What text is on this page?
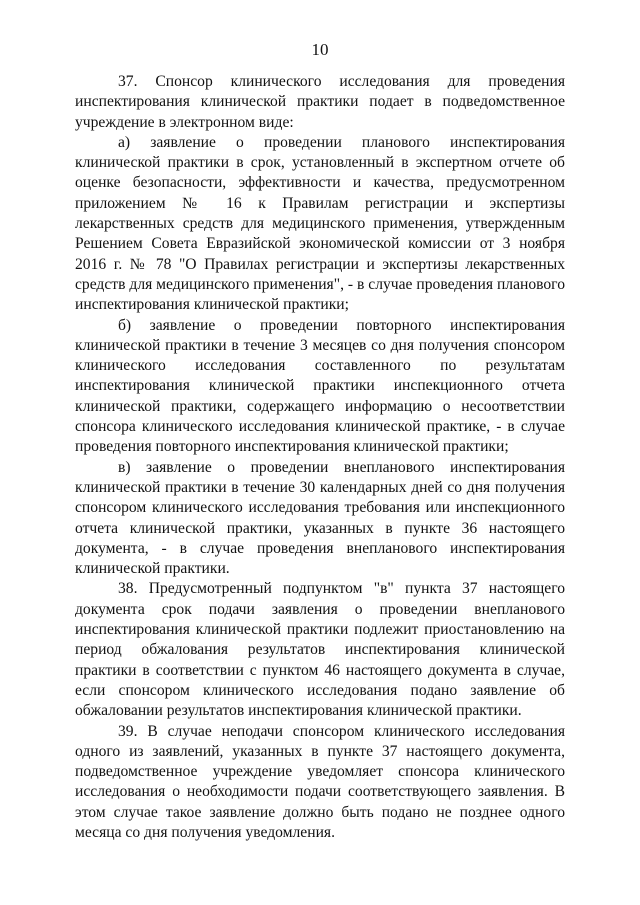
10

37. Спонсор клинического исследования для проведения инспектирования клинической практики подает в подведомственное учреждение в электронном виде:

а) заявление о проведении планового инспектирования клинической практики в срок, установленный в экспертном отчете об оценке безопасности, эффективности и качества, предусмотренном приложением № 16 к Правилам регистрации и экспертизы лекарственных средств для медицинского применения, утвержденным Решением Совета Евразийской экономической комиссии от 3 ноября 2016 г. № 78 "О Правилах регистрации и экспертизы лекарственных средств для медицинского применения", - в случае проведения планового инспектирования клинической практики;

б) заявление о проведении повторного инспектирования клинической практики в течение 3 месяцев со дня получения спонсором клинического исследования составленного по результатам инспектирования клинической практики инспекционного отчета клинической практики, содержащего информацию о несоответствии спонсора клинического исследования клинической практике, - в случае проведения повторного инспектирования клинической практики;

в) заявление о проведении внепланового инспектирования клинической практики в течение 30 календарных дней со дня получения спонсором клинического исследования требования или инспекционного отчета клинической практики, указанных в пункте 36 настоящего документа, - в случае проведения внепланового инспектирования клинической практики.

38. Предусмотренный подпунктом "в" пункта 37 настоящего документа срок подачи заявления о проведении внепланового инспектирования клинической практики подлежит приостановлению на период обжалования результатов инспектирования клинической практики в соответствии с пунктом 46 настоящего документа в случае, если спонсором клинического исследования подано заявление об обжаловании результатов инспектирования клинической практики.

39. В случае неподачи спонсором клинического исследования одного из заявлений, указанных в пункте 37 настоящего документа, подведомственное учреждение уведомляет спонсора клинического исследования о необходимости подачи соответствующего заявления. В этом случае такое заявление должно быть подано не позднее одного месяца со дня получения уведомления.
